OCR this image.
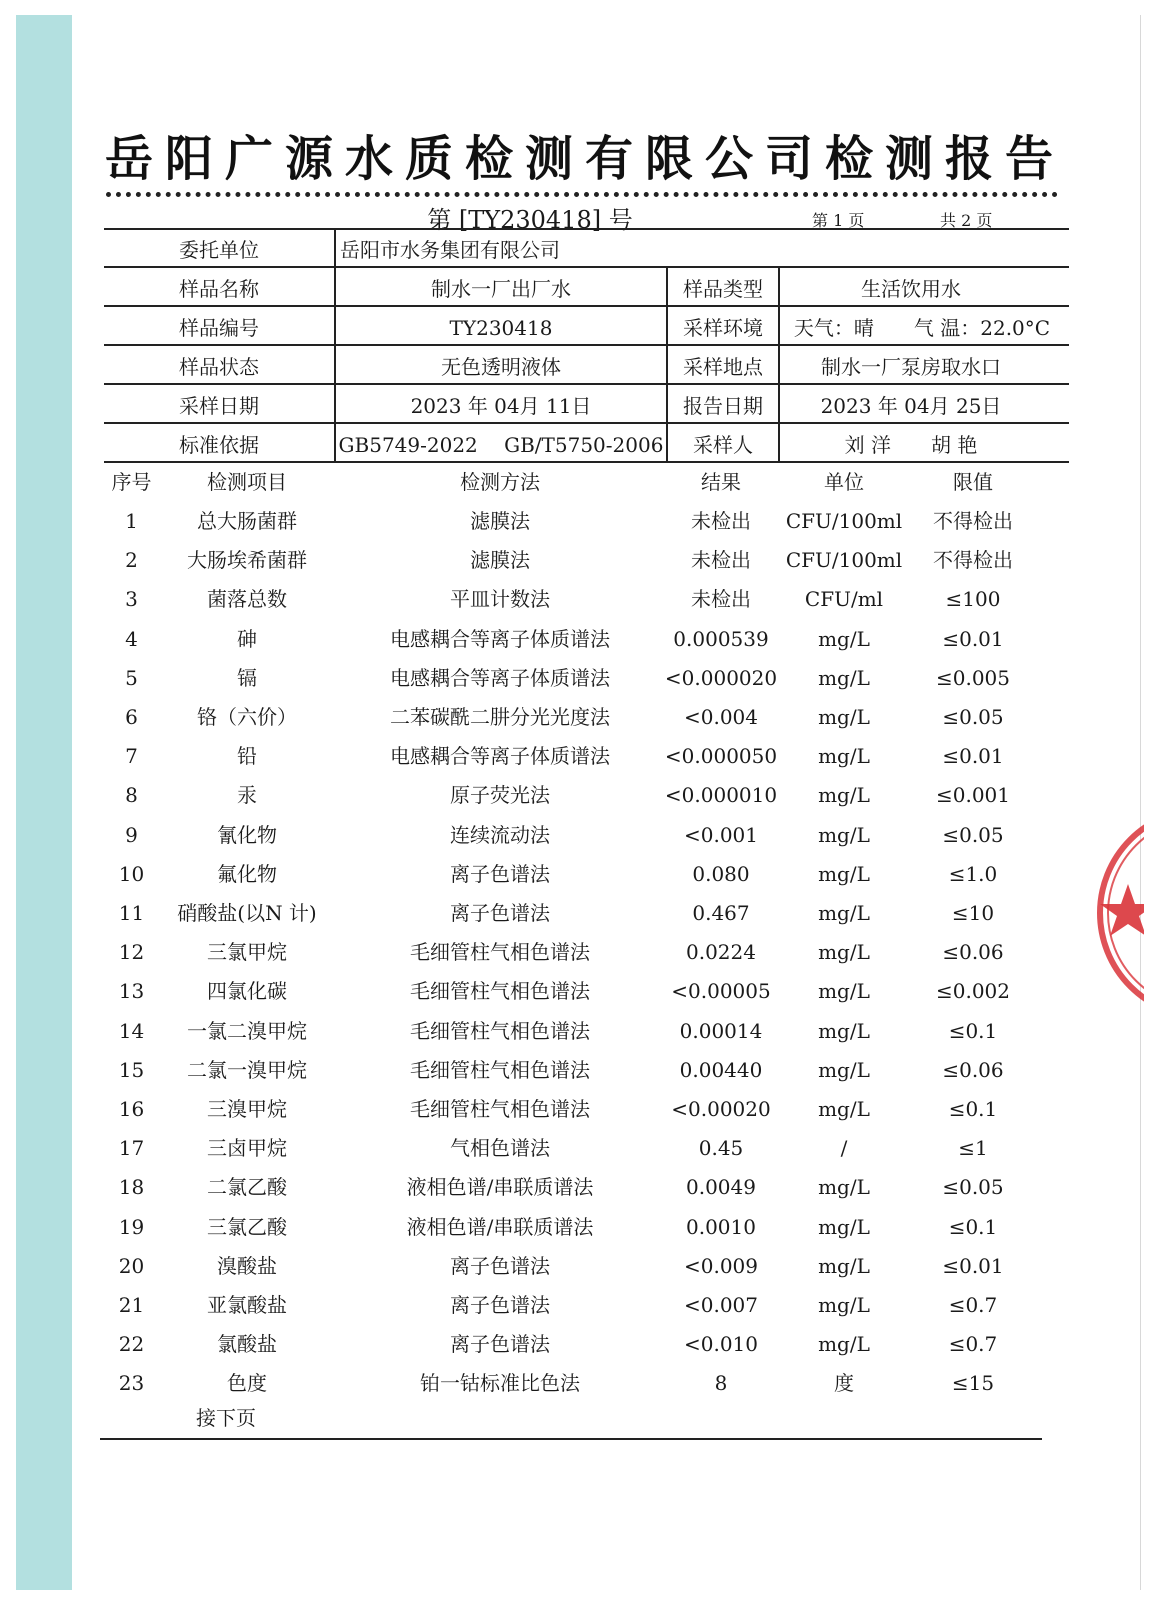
岳阳广源水质检测有限公司检测报告
第 [TY230418] 号	第 1 页	共 2 页
委托单位	岳阳市水务集团有限公司
样品名称	制水一厂出厂水	样品类型	生活饮用水
样品编号	TY230418	采样环境	天气：晴　　气 温：22.0°C
样品状态	无色透明液体	采样地点	制水一厂泵房取水口
采样日期	2023 年 04月 11日	报告日期	2023 年 04月 25日
标准依据	GB5749-2022　 GB/T5750-2006	采样人	刘 洋　　胡 艳
序号	检测项目	检测方法	结果	单位	限值
1	总大肠菌群	滤膜法	未检出	CFU/100ml	不得检出
2	大肠埃希菌群	滤膜法	未检出	CFU/100ml	不得检出
3	菌落总数	平皿计数法	未检出	CFU/ml	≤100
4	砷	电感耦合等离子体质谱法	0.000539	mg/L	≤0.01
5	镉	电感耦合等离子体质谱法	<0.000020	mg/L	≤0.005
6	铬（六价）	二苯碳酰二肼分光光度法	<0.004	mg/L	≤0.05
7	铅	电感耦合等离子体质谱法	<0.000050	mg/L	≤0.01
8	汞	原子荧光法	<0.000010	mg/L	≤0.001
9	氰化物	连续流动法	<0.001	mg/L	≤0.05
10	氟化物	离子色谱法	0.080	mg/L	≤1.0
11	硝酸盐(以N 计)	离子色谱法	0.467	mg/L	≤10
12	三氯甲烷	毛细管柱气相色谱法	0.0224	mg/L	≤0.06
13	四氯化碳	毛细管柱气相色谱法	<0.00005	mg/L	≤0.002
14	一氯二溴甲烷	毛细管柱气相色谱法	0.00014	mg/L	≤0.1
15	二氯一溴甲烷	毛细管柱气相色谱法	0.00440	mg/L	≤0.06
16	三溴甲烷	毛细管柱气相色谱法	<0.00020	mg/L	≤0.1
17	三卤甲烷	气相色谱法	0.45	/	≤1
18	二氯乙酸	液相色谱/串联质谱法	0.0049	mg/L	≤0.05
19	三氯乙酸	液相色谱/串联质谱法	0.0010	mg/L	≤0.1
20	溴酸盐	离子色谱法	<0.009	mg/L	≤0.01
21	亚氯酸盐	离子色谱法	<0.007	mg/L	≤0.7
22	氯酸盐	离子色谱法	<0.010	mg/L	≤0.7
23	色度	铂一钴标准比色法	8	度	≤15
接下页
